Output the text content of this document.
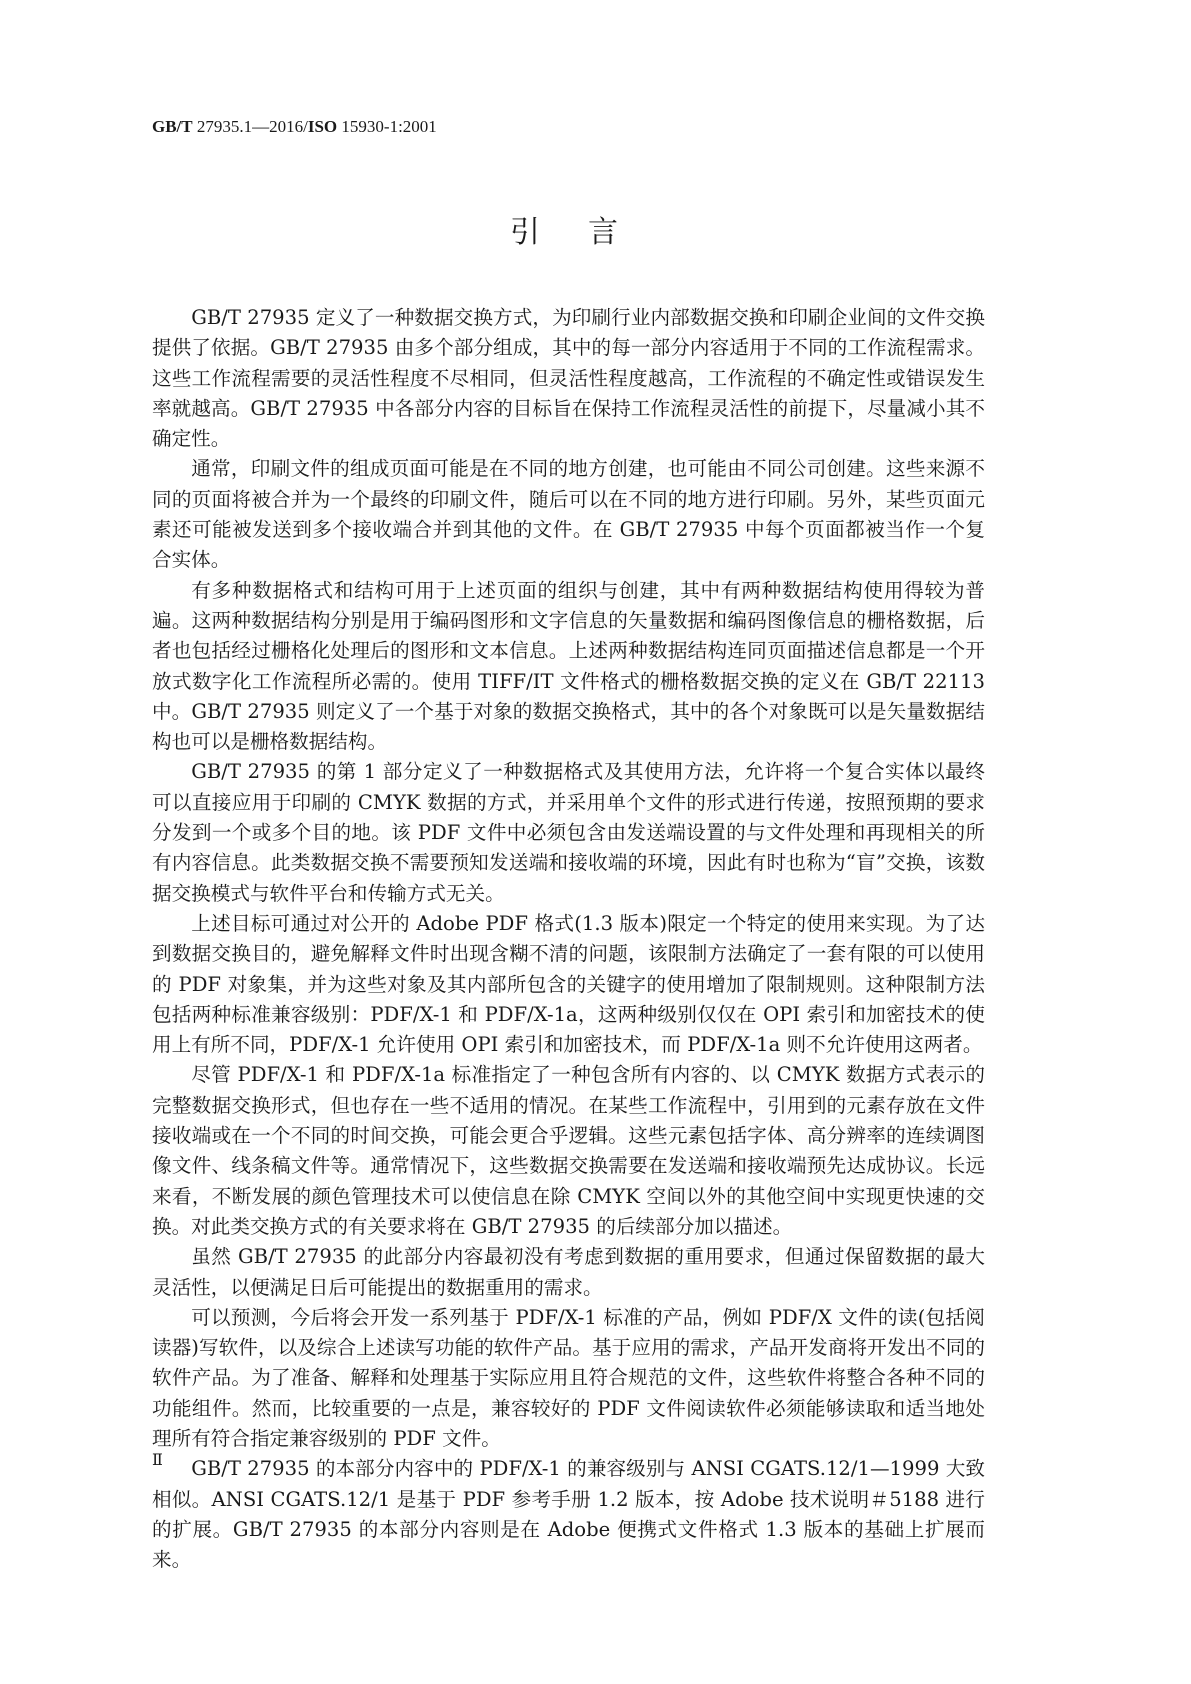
GB/T 27935.1—2016/ISO 15930-1:2001
引　言

GB/T 27935 定义了一种数据交换方式，为印刷行业内部数据交换和印刷企业间的文件交换提供了依据。GB/T 27935 由多个部分组成，其中的每一部分内容适用于不同的工作流程需求。这些工作流程需要的灵活性程度不尽相同，但灵活性程度越高，工作流程的不确定性或错误发生率就越高。GB/T 27935 中各部分内容的目标旨在保持工作流程灵活性的前提下，尽量减小其不确定性。

通常，印刷文件的组成页面可能是在不同的地方创建，也可能由不同公司创建。这些来源不同的页面将被合并为一个最终的印刷文件，随后可以在不同的地方进行印刷。另外，某些页面元素还可能被发送到多个接收端合并到其他的文件。在 GB/T 27935 中每个页面都被当作一个复合实体。

有多种数据格式和结构可用于上述页面的组织与创建，其中有两种数据结构使用得较为普遍。这两种数据结构分别是用于编码图形和文字信息的矢量数据和编码图像信息的栅格数据，后者也包括经过栅格化处理后的图形和文本信息。上述两种数据结构连同页面描述信息都是一个开放式数字化工作流程所必需的。使用 TIFF/IT 文件格式的栅格数据交换的定义在 GB/T 22113 中。GB/T 27935 则定义了一个基于对象的数据交换格式，其中的各个对象既可以是矢量数据结构也可以是栅格数据结构。

GB/T 27935 的第 1 部分定义了一种数据格式及其使用方法，允许将一个复合实体以最终可以直接应用于印刷的 CMYK 数据的方式，并采用单个文件的形式进行传递，按照预期的要求分发到一个或多个目的地。该 PDF 文件中必须包含由发送端设置的与文件处理和再现相关的所有内容信息。此类数据交换不需要预知发送端和接收端的环境，因此有时也称为“盲”交换，该数据交换模式与软件平台和传输方式无关。

上述目标可通过对公开的 Adobe PDF 格式(1.3 版本)限定一个特定的使用来实现。为了达到数据交换目的，避免解释文件时出现含糊不清的问题，该限制方法确定了一套有限的可以使用的 PDF 对象集，并为这些对象及其内部所包含的关键字的使用增加了限制规则。这种限制方法包括两种标准兼容级别：PDF/X-1 和 PDF/X-1a，这两种级别仅仅在 OPI 索引和加密技术的使用上有所不同，PDF/X-1 允许使用 OPI 索引和加密技术，而 PDF/X-1a 则不允许使用这两者。

尽管 PDF/X-1 和 PDF/X-1a 标准指定了一种包含所有内容的、以 CMYK 数据方式表示的完整数据交换形式，但也存在一些不适用的情况。在某些工作流程中，引用到的元素存放在文件接收端或在一个不同的时间交换，可能会更合乎逻辑。这些元素包括字体、高分辨率的连续调图像文件、线条稿文件等。通常情况下，这些数据交换需要在发送端和接收端预先达成协议。长远来看，不断发展的颜色管理技术可以使信息在除 CMYK 空间以外的其他空间中实现更快速的交换。对此类交换方式的有关要求将在 GB/T 27935 的后续部分加以描述。

虽然 GB/T 27935 的此部分内容最初没有考虑到数据的重用要求，但通过保留数据的最大灵活性，以便满足日后可能提出的数据重用的需求。

可以预测，今后将会开发一系列基于 PDF/X-1 标准的产品，例如 PDF/X 文件的读(包括阅读器)写软件，以及综合上述读写功能的软件产品。基于应用的需求，产品开发商将开发出不同的软件产品。为了准备、解释和处理基于实际应用且符合规范的文件，这些软件将整合各种不同的功能组件。然而，比较重要的一点是，兼容较好的 PDF 文件阅读软件必须能够读取和适当地处理所有符合指定兼容级别的 PDF 文件。

GB/T 27935 的本部分内容中的 PDF/X-1 的兼容级别与 ANSI CGATS.12/1—1999 大致相似。ANSI CGATS.12/1 是基于 PDF 参考手册 1.2 版本，按 Adobe 技术说明＃5188 进行的扩展。GB/T 27935 的本部分内容则是在 Adobe 便携式文件格式 1.3 版本的基础上扩展而来。

Ⅱ
